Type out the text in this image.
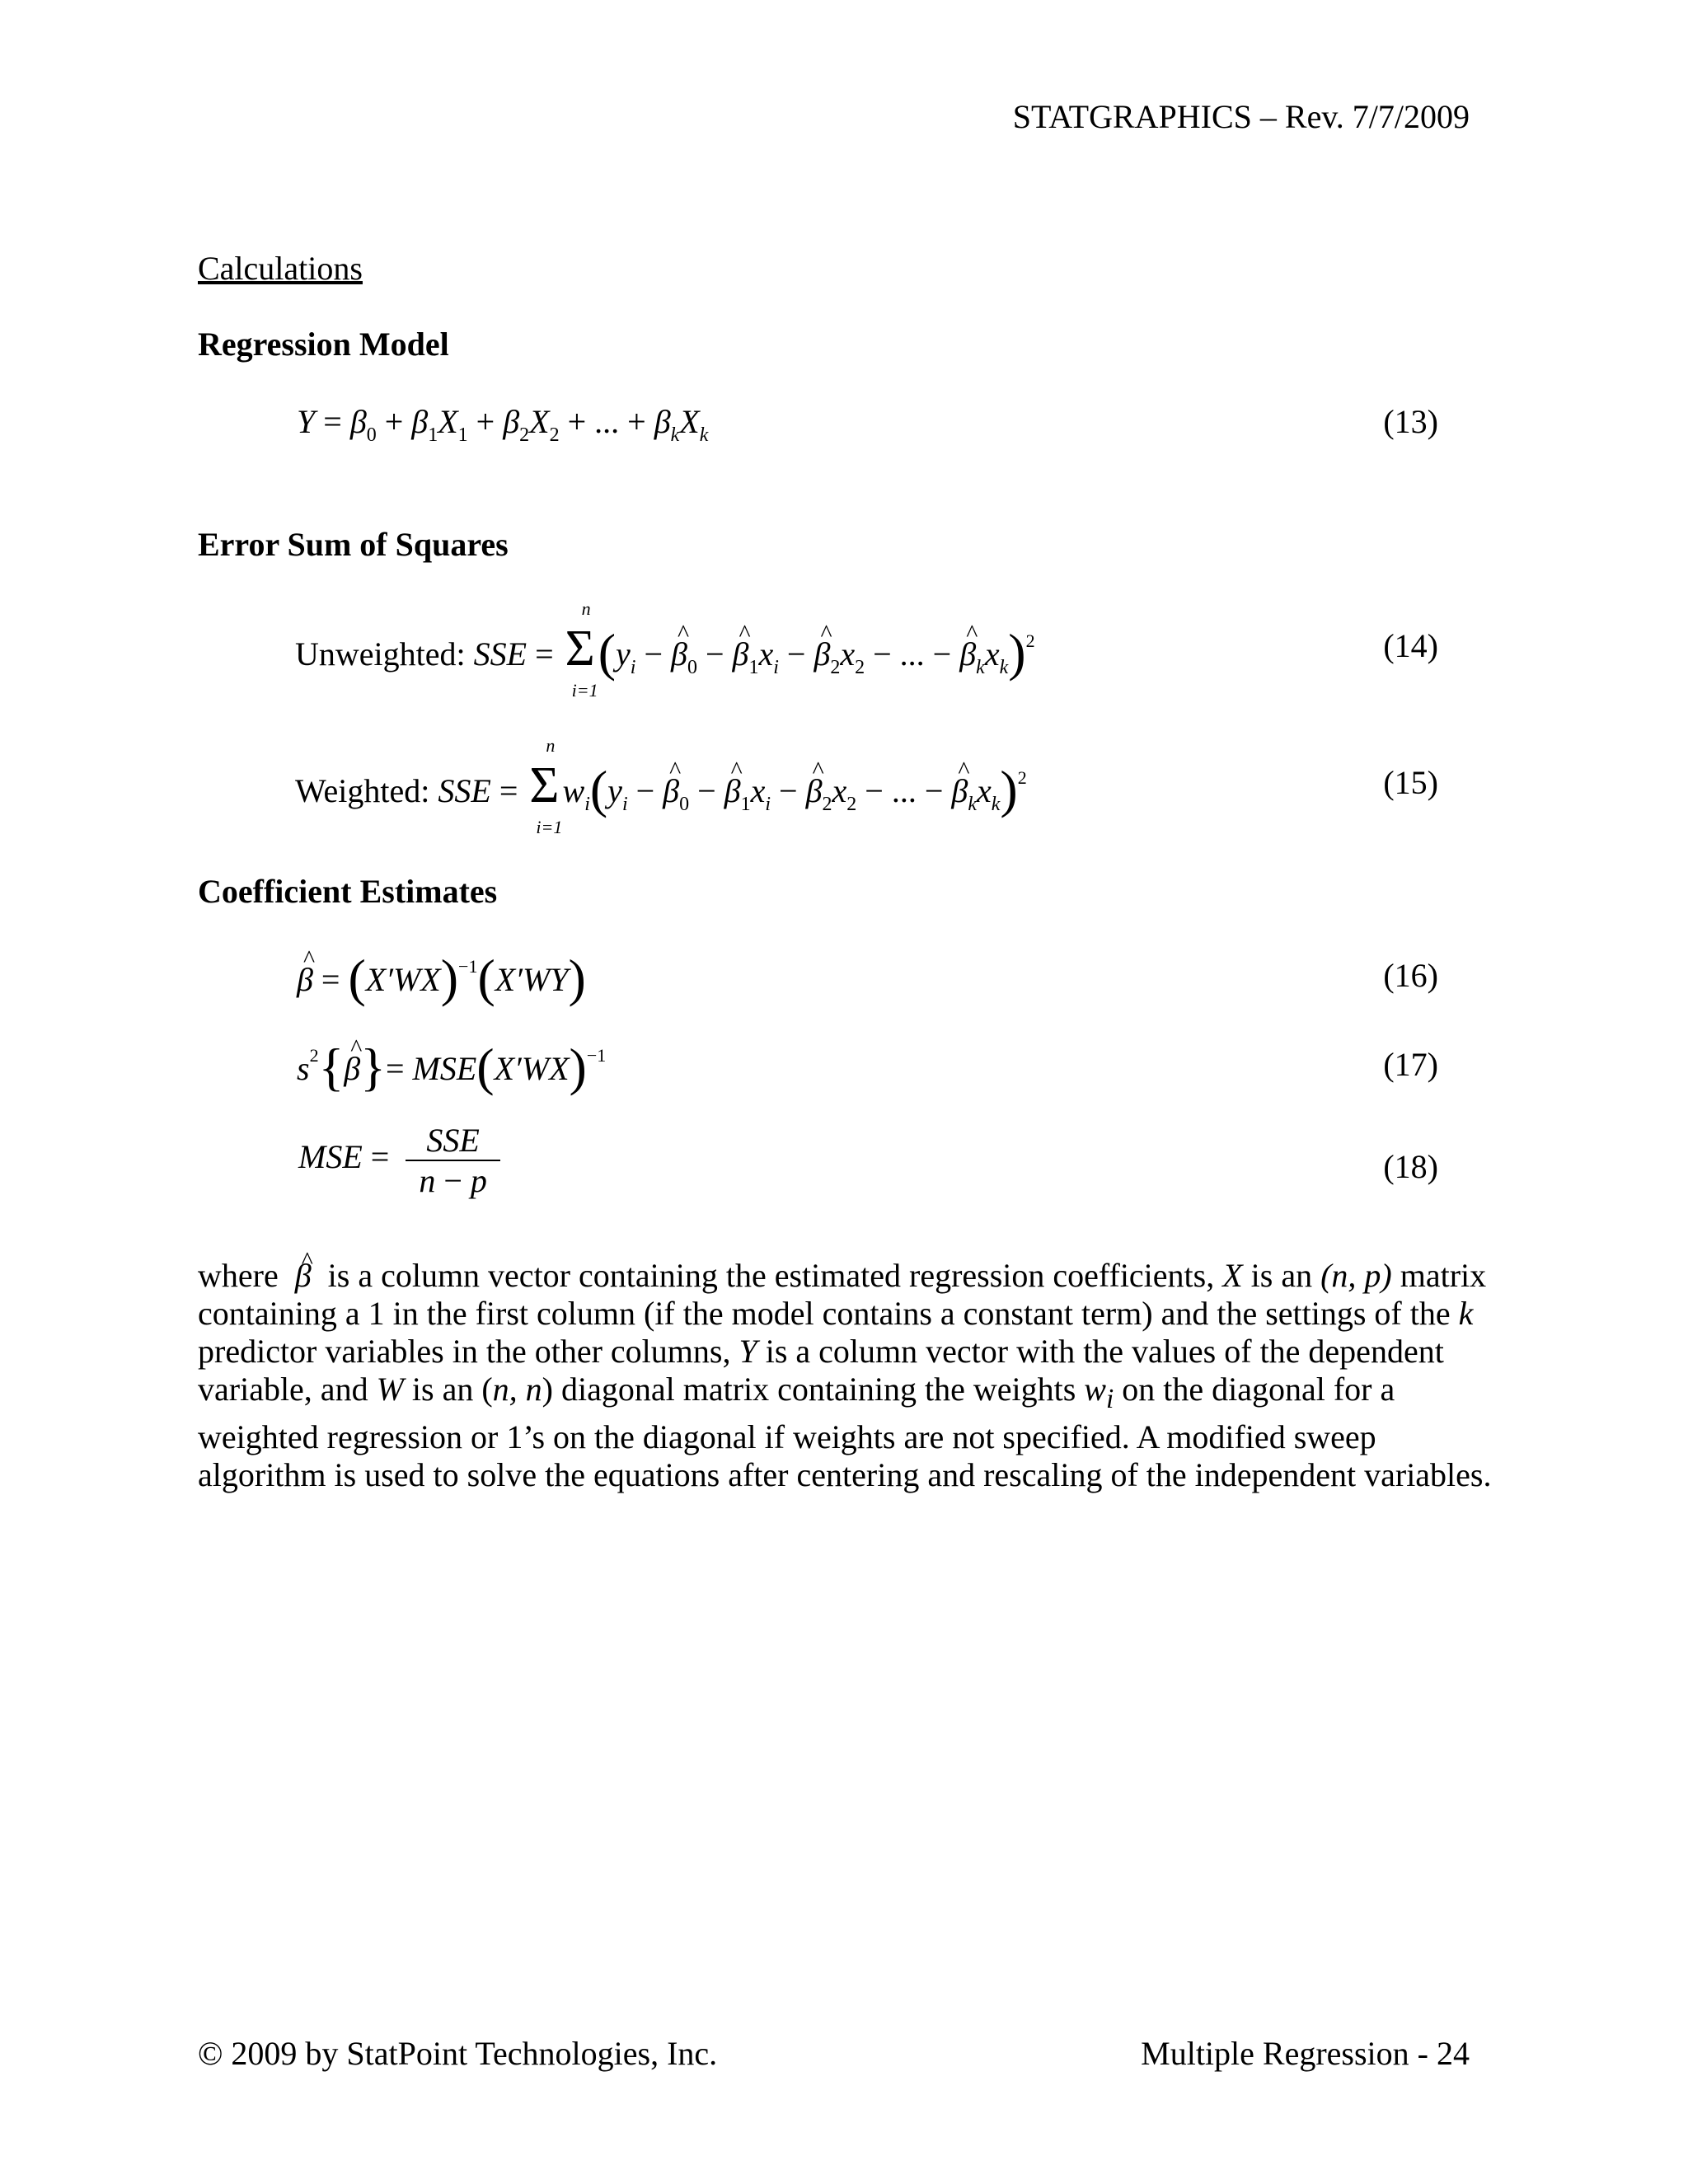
STATGRAPHICS – Rev. 7/7/2009
Calculations
Regression Model
$Y = \beta_0 + \beta_1X_1 + \beta_2X_2$ + ... + $\beta_kX_k$	(13)
Error Sum of Squares
Unweighted: SSE = Σ
n
i=1
($y_i$ − ^ $\beta_0$ − ^ $\beta_1x_i$ − ^ $\beta_2x_2$ − ... − ^ $\beta_kx_k)^2$	(14)
Weighted: SSE = Σ
n
i=1
$w_i(y_i$ − ^ $\beta_0$ − ^ $\beta_1x_i$ − ^ $\beta_2x_2$ − ... − ^ $\beta_kx_k)^2$	(15)
Coefficient Estimates
^ $\beta = (X'WX)^{-1}(X'WY)$	(16)
$s^2\{\^{}$ $\beta\}= MSE(X'WX)^{-1}$	(17)
MSE = $\frac{\text{SSE}}{n - p}$	(18)
where  ^ β is a column vector containing the estimated regression coefficients, X is an (n, p) matrix containing a 1 in the first column (if the model contains a constant term) and the settings of the k predictor variables in the other columns, Y is a column vector with the values of the dependent variable, and W is an (n, n) diagonal matrix containing the weights $w_i$ on the diagonal for a weighted regression or 1’s on the diagonal if weights are not specified. A modified sweep algorithm is used to solve the equations after centering and rescaling of the independent variables.
© 2009 by StatPoint Technologies, Inc.	Multiple Regression - 24
